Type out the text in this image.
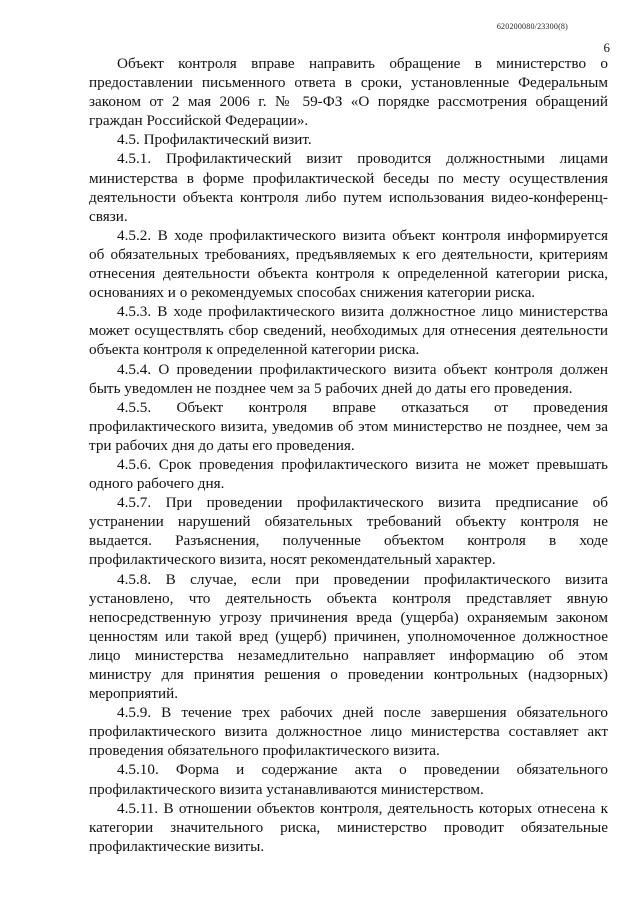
620200080/23300(8)
6

Объект контроля вправе направить обращение в министерство о предоставлении письменного ответа в сроки, установленные Федеральным законом от 2 мая 2006 г. № 59-ФЗ «О порядке рассмотрения обращений граждан Российской Федерации».

4.5. Профилактический визит.

4.5.1. Профилактический визит проводится должностными лицами министерства в форме профилактической беседы по месту осуществления деятельности объекта контроля либо путем использования видео-конференц-связи.

4.5.2. В ходе профилактического визита объект контроля информируется об обязательных требованиях, предъявляемых к его деятельности, критериям отнесения деятельности объекта контроля к определенной категории риска, основаниях и о рекомендуемых способах снижения категории риска.

4.5.3. В ходе профилактического визита должностное лицо министерства может осуществлять сбор сведений, необходимых для отнесения деятельности объекта контроля к определенной категории риска.

4.5.4. О проведении профилактического визита объект контроля должен быть уведомлен не позднее чем за 5 рабочих дней до даты его проведения.

4.5.5. Объект контроля вправе отказаться от проведения профилактического визита, уведомив об этом министерство не позднее, чем за три рабочих дня до даты его проведения.

4.5.6. Срок проведения профилактического визита не может превышать одного рабочего дня.

4.5.7. При проведении профилактического визита предписание об устранении нарушений обязательных требований объекту контроля не выдается. Разъяснения, полученные объектом контроля в ходе профилактического визита, носят рекомендательный характер.

4.5.8. В случае, если при проведении профилактического визита установлено, что деятельность объекта контроля представляет явную непосредственную угрозу причинения вреда (ущерба) охраняемым законом ценностям или такой вред (ущерб) причинен, уполномоченное должностное лицо министерства незамедлительно направляет информацию об этом министру для принятия решения о проведении контрольных (надзорных) мероприятий.

4.5.9. В течение трех рабочих дней после завершения обязательного профилактического визита должностное лицо министерства составляет акт проведения обязательного профилактического визита.

4.5.10. Форма и содержание акта о проведении обязательного профилактического визита устанавливаются министерством.

4.5.11. В отношении объектов контроля, деятельность которых отнесена к категории значительного риска, министерство проводит обязательные профилактические визиты.
